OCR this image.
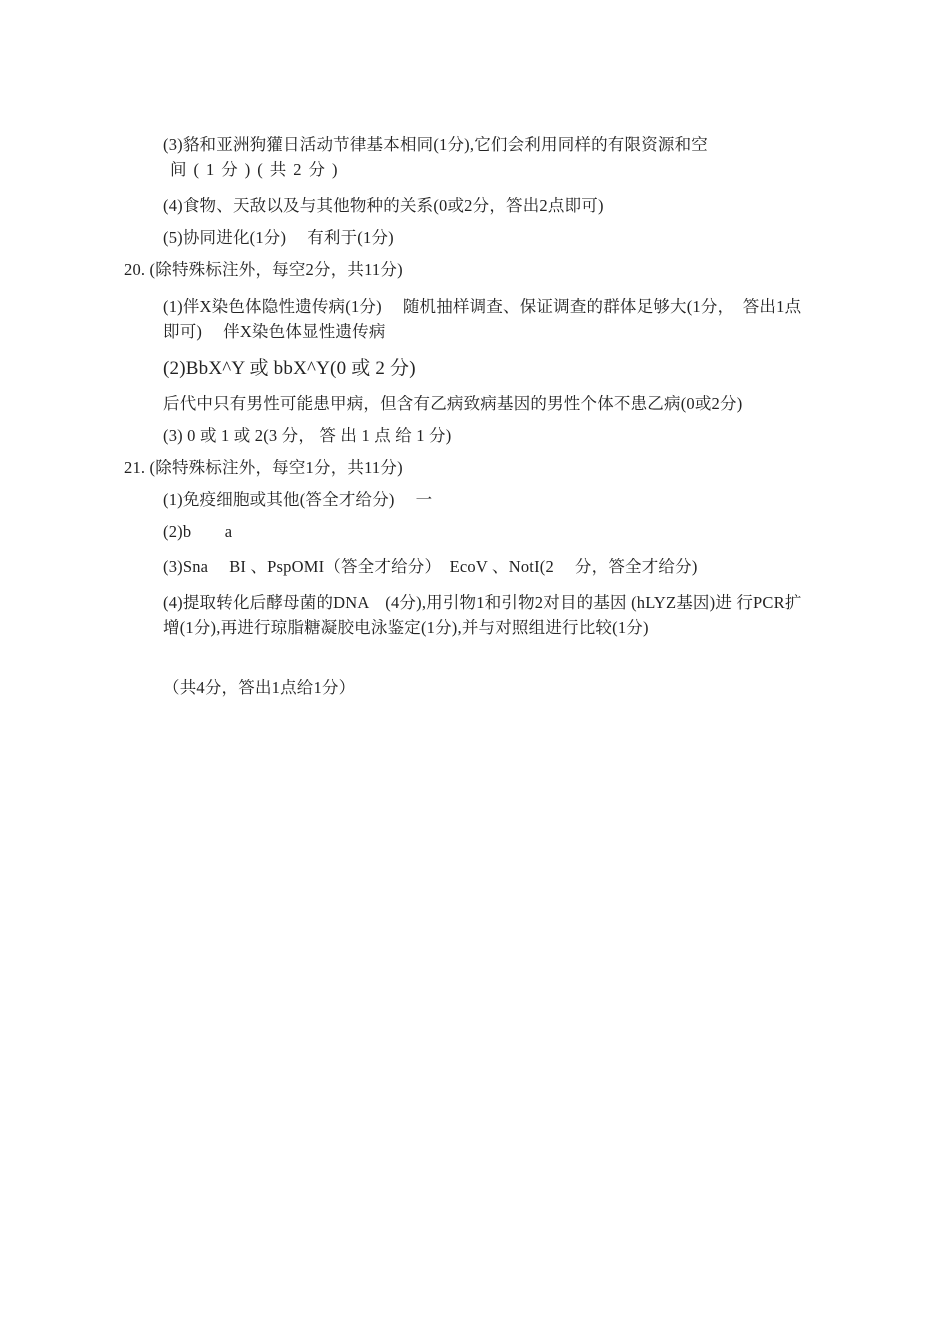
(3)貉和亚洲狗獾日活动节律基本相同(1分),它们会利用同样的有限资源和空
间(1分)(共2分)
(4)食物、天敌以及与其他物种的关系(0或2分，答出2点即可)
(5)协同进化(1分)　 有利于(1分)
20. (除特殊标注外，每空2分，共11分)
(1)伴X染色体隐性遗传病(1分)　 随机抽样调查、保证调查的群体足够大(1分，　答出1点即可)　 伴X染色体显性遗传病
(2)BbX^Y 或 bbX^Y(0 或 2 分)
后代中只有男性可能患甲病，但含有乙病致病基因的男性个体不患乙病(0或2分)
(3) 0 或 1 或 2(3 分， 答 出 1 点 给 1 分)
21. (除特殊标注外，每空1分，共11分)
(1)免疫细胞或其他(答全才给分)　 一
(2)b　　a
(3)Sna　 BI 、PspOMI（答全才给分）　EcoV 、NotI(2　 分，答全才给分)
(4)提取转化后酵母菌的DNA　(4分),用引物1和引物2对目的基因 (hLYZ基因)进 行PCR扩增(1分),再进行琼脂糖凝胶电泳鉴定(1分),并与对照组进行比较(1分)
（共4分，答出1点给1分）
